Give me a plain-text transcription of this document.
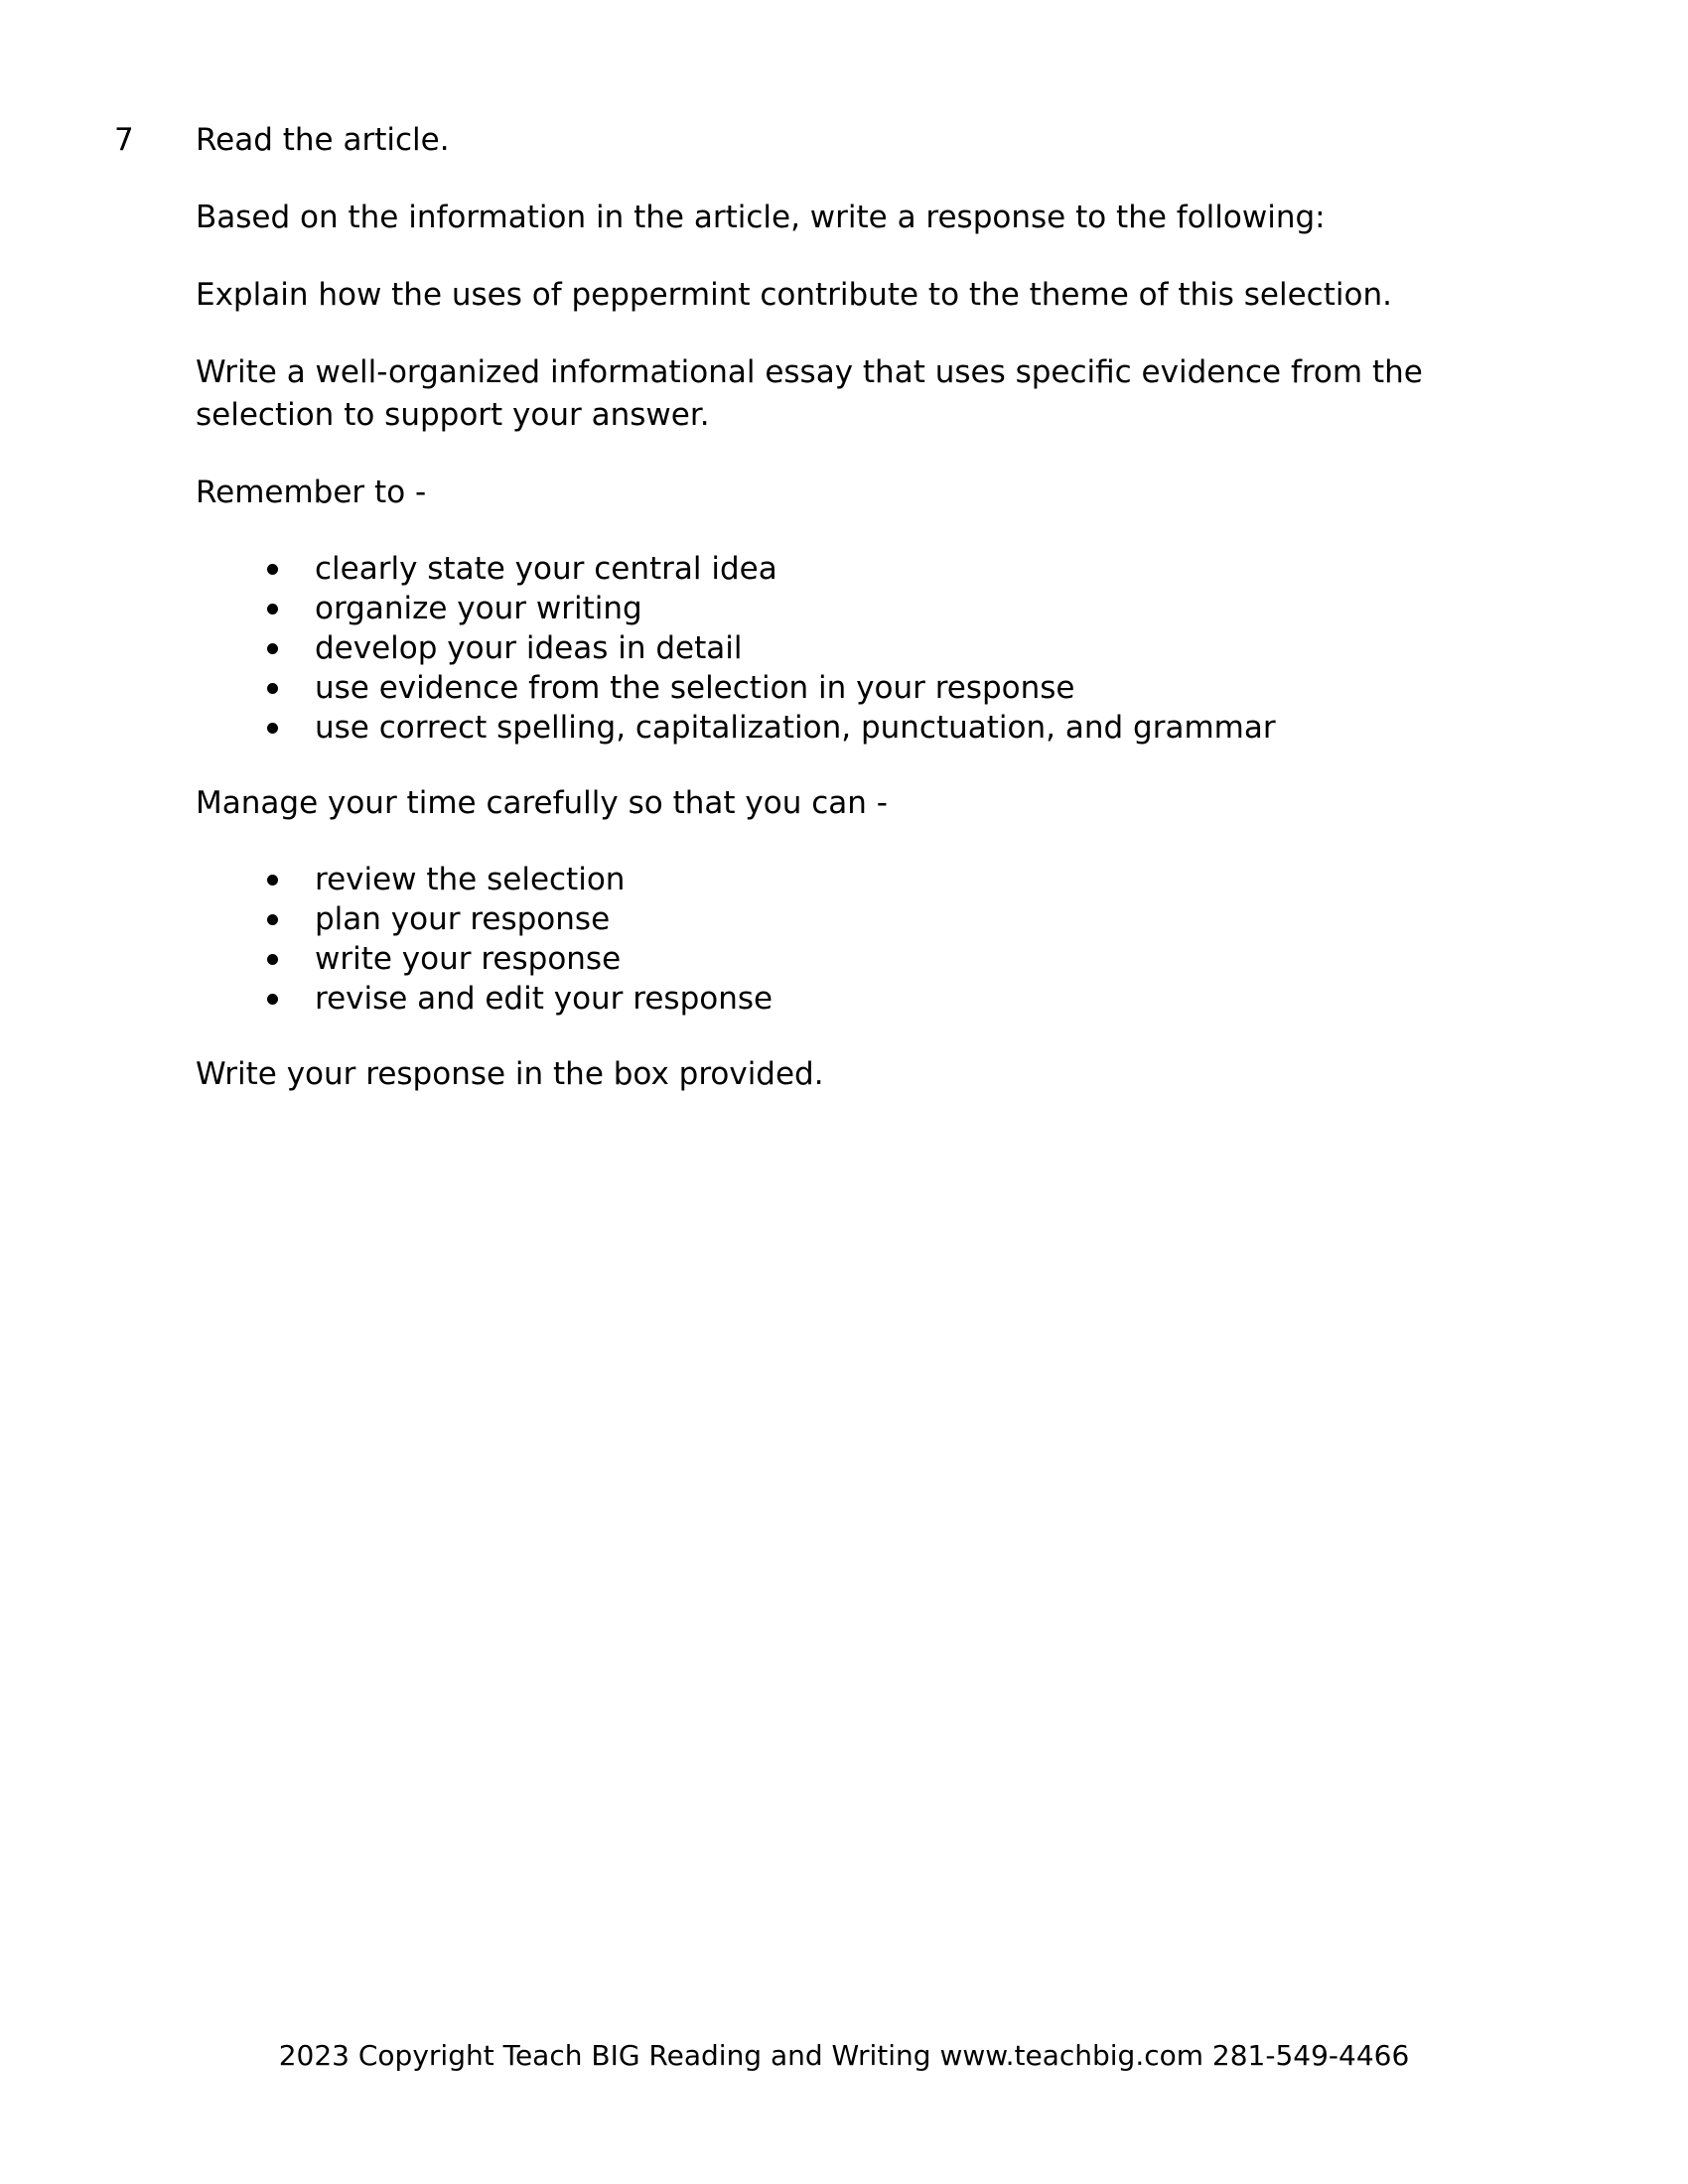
7 Read the article.

Based on the information in the article, write a response to the following:

Explain how the uses of peppermint contribute to the theme of this selection.

Write a well-organized informational essay that uses specific evidence from the selection to support your answer.

Remember to -

clearly state your central idea
organize your writing
develop your ideas in detail
use evidence from the selection in your response
use correct spelling, capitalization, punctuation, and grammar

Manage your time carefully so that you can -

review the selection
plan your response
write your response
revise and edit your response

Write your response in the box provided.

2023 Copyright Teach BIG Reading and Writing www.teachbig.com 281-549-4466
